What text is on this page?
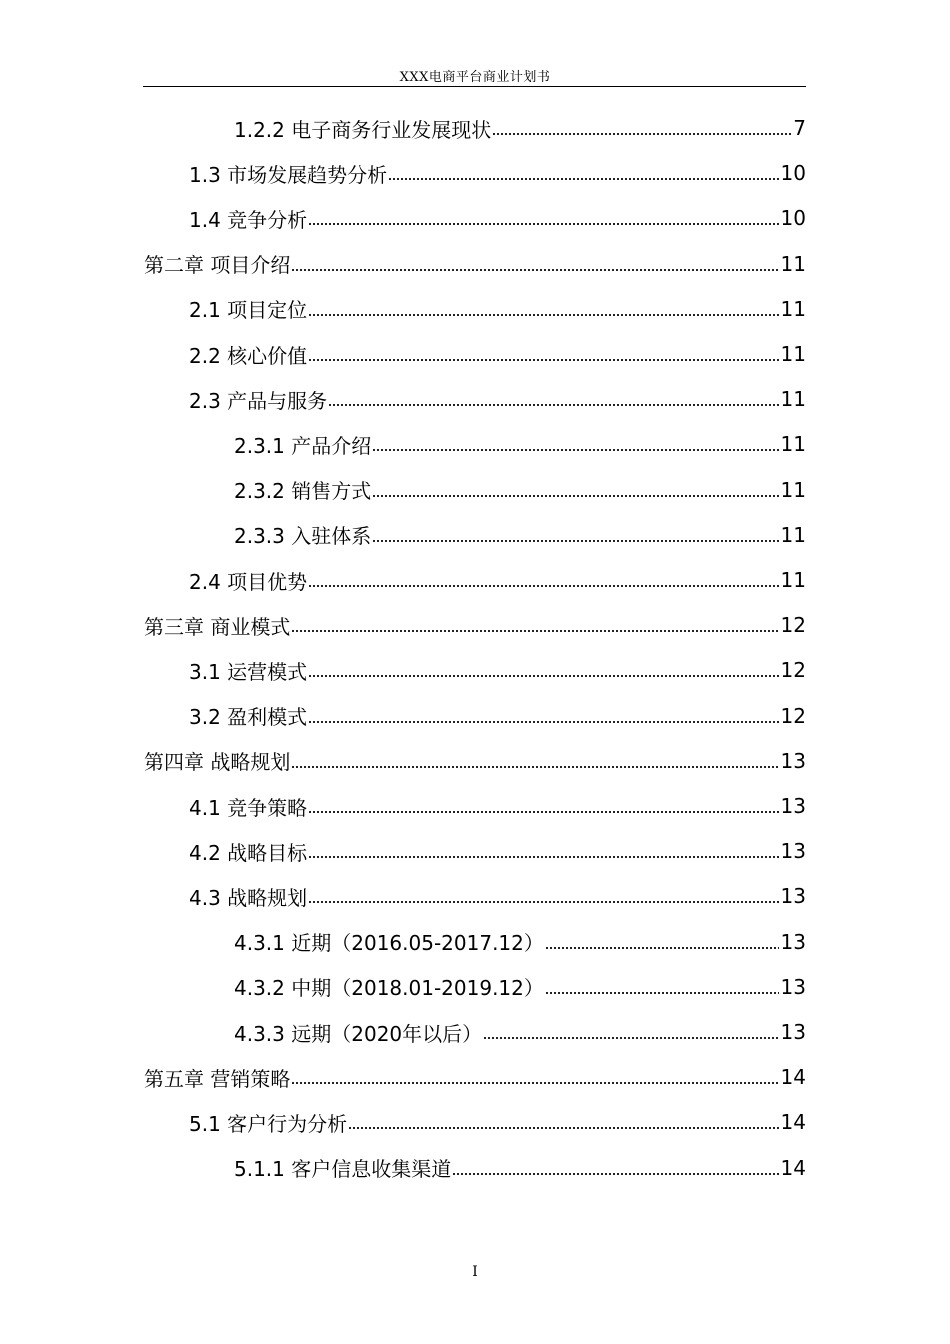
XXX电商平台商业计划书
1.2.2 电子商务行业发展现状	7
1.3 市场发展趋势分析	10
1.4 竞争分析	10
第二章 项目介绍	11
2.1 项目定位	11
2.2 核心价值	11
2.3 产品与服务	11
2.3.1 产品介绍	11
2.3.2 销售方式	11
2.3.3 入驻体系	11
2.4 项目优势	11
第三章 商业模式	12
3.1 运营模式	12
3.2 盈利模式	12
第四章 战略规划	13
4.1 竞争策略	13
4.2 战略目标	13
4.3 战略规划	13
4.3.1 近期（2016.05-2017.12）	13
4.3.2 中期（2018.01-2019.12）	13
4.3.3 远期（2020年以后）	13
第五章 营销策略	14
5.1 客户行为分析	14
5.1.1 客户信息收集渠道	14
I
